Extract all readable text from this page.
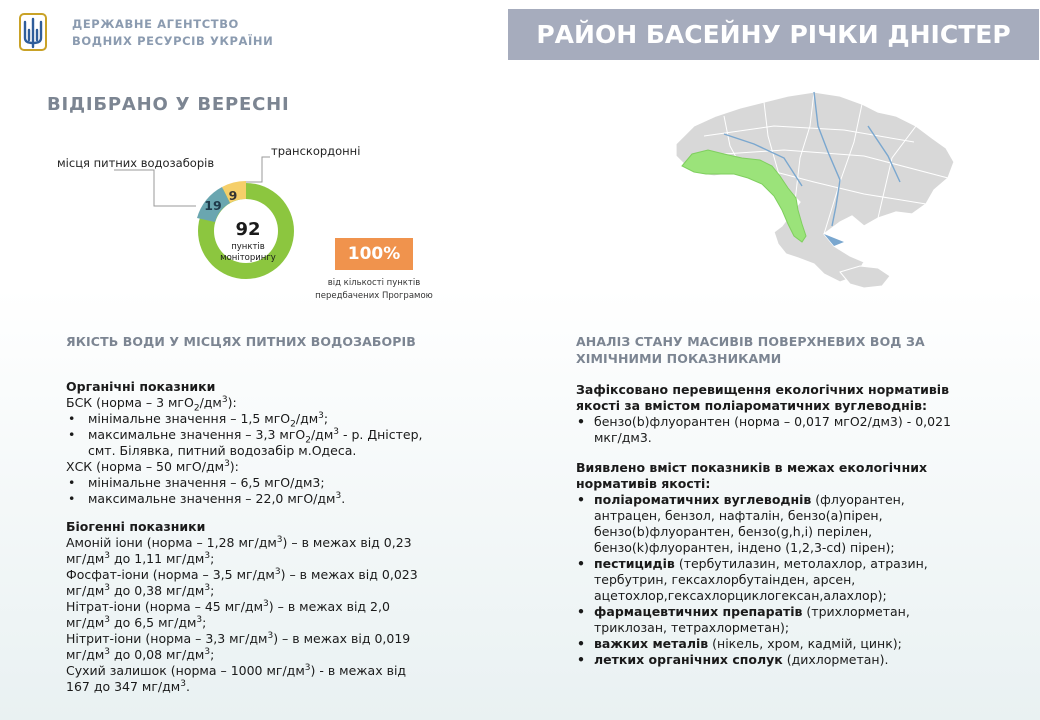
ДЕРЖАВНЕ АГЕНТСТВО
ВОДНИХ РЕСУРСІВ УКРАЇНИ	РАЙОН БАСЕЙНУ РІЧКИ ДНІСТЕР
ВІДІБРАНО У ВЕРЕСНІ
місця питних водозаборів
транскордонні
19
9
92
пунктів
моніторингу	100%
від кількості пунктів
передбачених Програмою
ЯКІСТЬ ВОДИ У МІСЦЯХ ПИТНИХ ВОДОЗАБОРІВ
Органічні показники
БСК (норма – 3 $мгО_2/дм^3$):
• мінімальне значення – 1,5 $мгО_2/дм^3$;
• максимальне значення – 3,3 $мгО_2/дм^3$ - р. Дністер,
смт. Білявка, питний водозабір м.Одеса.
ХСК (норма – 50 мгО/$дм^3$):
• мінімальне значення – 6,5 мгО/дм3;
• максимальне значення – 22,0 мгО/$дм^3$.
Біогенні показники
Амоній іони (норма – 1,28 $мг/дм^3$) – в межах від 0,23
$мг/дм^3$ до 1,11 $мг/дм^3$;
Фосфат-іони (норма – 3,5 $мг/дм^3$) – в межах від 0,023
$мг/дм^3$ до 0,38 $мг/дм^3$;
Нітрат-іони (норма – 45 $мг/дм^3$) – в межах від 2,0
$мг/дм^3$ до 6,5 $мг/дм^3$;
Нітрит-іони (норма – 3,3 $мг/дм^3$) – в межах від 0,019
$мг/дм^3$ до 0,08 $мг/дм^3$;
Сухий залишок (норма – 1000 $мг/дм^3$) - в межах від
167 до 347 $мг/дм^3$.
АНАЛІЗ СТАНУ МАСИВІВ ПОВЕРХНЕВИХ ВОД ЗА
ХІМІЧНИМИ ПОКАЗНИКАМИ
Зафіксовано перевищення екологічних нормативів
якості за вмістом поліароматичних вуглеводнів:
• бензо(b)флуорантен (норма – 0,017 мгО2/дм3) - 0,021
мкг/дм3.
Виявлено вміст показників в межах екологічних
нормативів якості:
• поліароматичних вуглеводнів (флуорантен,
антрацен, бензол, нафталін, бензо(а)пірен,
бензо(b)флуорантен, бензо(g,h,i) перілен,
бензо(k)флуорантен, індено (1,2,3-cd) пірен);
• пестицидів (тербутилазин, метолахлор, атразин,
тербутрин, гексахлорбутаінден, арсен,
ацетохлор,гексахлорциклогексан,алахлор);
• фармацевтичних препаратів (трихлорметан,
триклозан, тетрахлорметан);
• важких металів (нікель, хром, кадмій, цинк);
• летких органічних сполук (дихлорметан).
